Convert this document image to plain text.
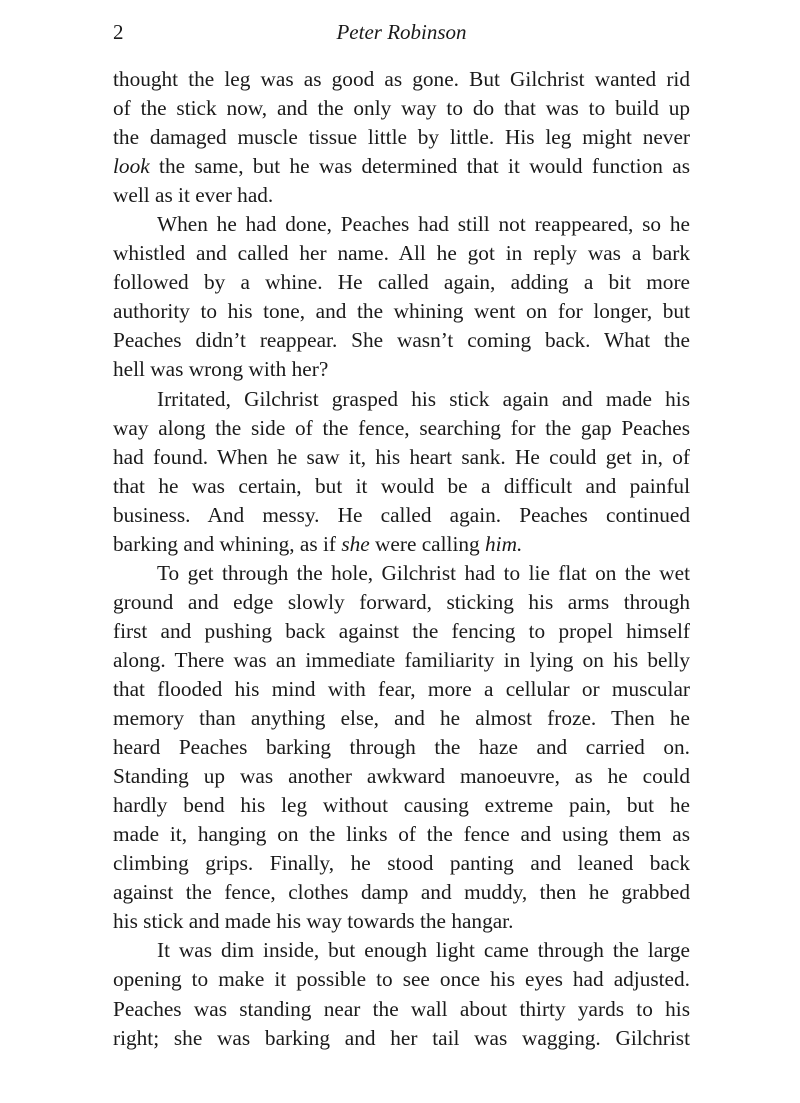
2	Peter Robinson
thought the leg was as good as gone. But Gilchrist wanted rid
of the stick now, and the only way to do that was to build up
the damaged muscle tissue little by little. His leg might never
look the same, but he was determined that it would function as
well as it ever had.
When he had done, Peaches had still not reappeared, so he
whistled and called her name. All he got in reply was a bark
followed by a whine. He called again, adding a bit more
authority to his tone, and the whining went on for longer, but
Peaches didn’t reappear. She wasn’t coming back. What the
hell was wrong with her?
Irritated, Gilchrist grasped his stick again and made his
way along the side of the fence, searching for the gap Peaches
had found. When he saw it, his heart sank. He could get in, of
that he was certain, but it would be a difficult and painful
business. And messy. He called again. Peaches continued
barking and whining, as if she were calling him.
To get through the hole, Gilchrist had to lie flat on the wet
ground and edge slowly forward, sticking his arms through
first and pushing back against the fencing to propel himself
along. There was an immediate familiarity in lying on his belly
that flooded his mind with fear, more a cellular or muscular
memory than anything else, and he almost froze. Then he
heard Peaches barking through the haze and carried on.
Standing up was another awkward manoeuvre, as he could
hardly bend his leg without causing extreme pain, but he
made it, hanging on the links of the fence and using them as
climbing grips. Finally, he stood panting and leaned back
against the fence, clothes damp and muddy, then he grabbed
his stick and made his way towards the hangar.
It was dim inside, but enough light came through the large
opening to make it possible to see once his eyes had adjusted.
Peaches was standing near the wall about thirty yards to his
right; she was barking and her tail was wagging. Gilchrist
